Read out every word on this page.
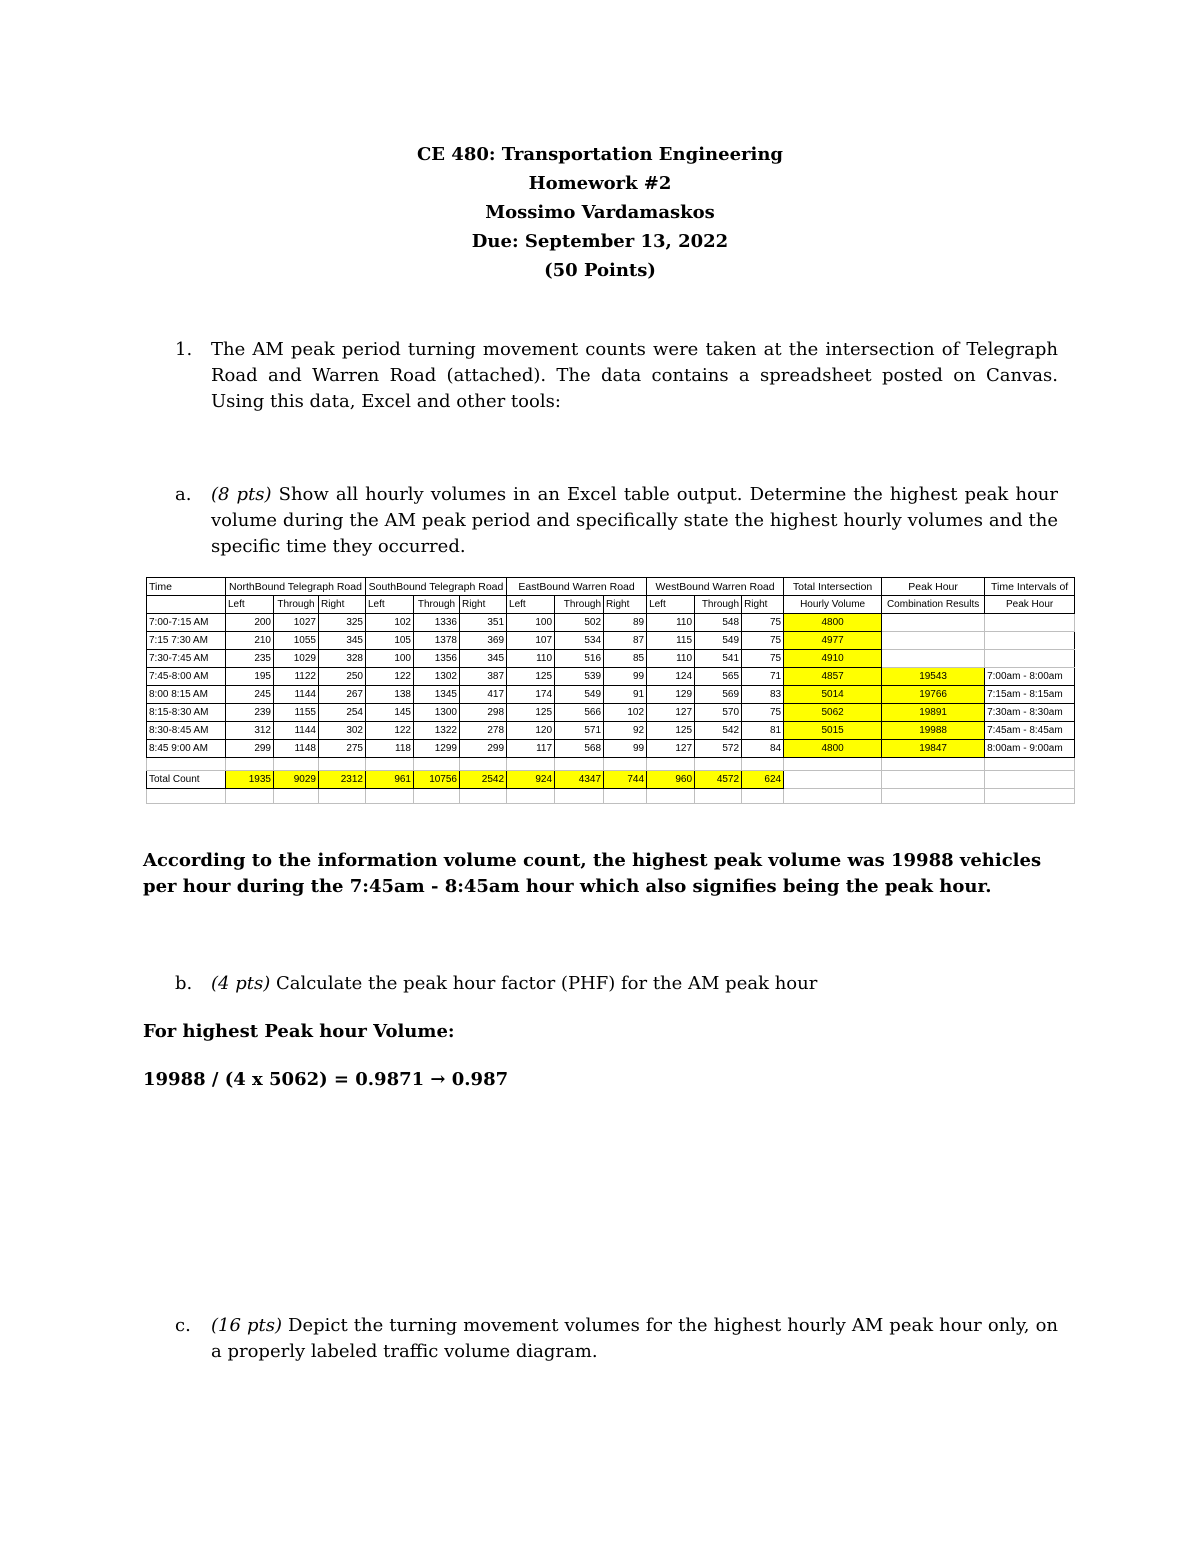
CE 480: Transportation Engineering
Homework #2
Mossimo Vardamaskos
Due: September 13, 2022
(50 Points)
1. The AM peak period turning movement counts were taken at the intersection of Telegraph Road and Warren Road (attached). The data contains a spreadsheet posted on Canvas. Using this data, Excel and other tools:
a. (8 pts) Show all hourly volumes in an Excel table output. Determine the highest peak hour volume during the AM peak period and specifically state the highest hourly volumes and the specific time they occurred.
Time	NorthBound Telegraph Road			SouthBound Telegraph Road			EastBound Warren Road			WestBound Warren Road			Total Intersection	Peak Hour	Time Intervals of
	Left	Through	Right	Left	Through	Right	Left	Through	Right	Left	Through	Right	Hourly Volume	Combination Results	Peak Hour
7:00-7:15 AM	200	1027	325	102	1336	351	100	502	89	110	548	75	4800		
7:15 7:30 AM	210	1055	345	105	1378	369	107	534	87	115	549	75	4977		
7:30-7:45 AM	235	1029	328	100	1356	345	110	516	85	110	541	75	4910		
7:45-8:00 AM	195	1122	250	122	1302	387	125	539	99	124	565	71	4857	19543	7:00am - 8:00am
8:00 8:15 AM	245	1144	267	138	1345	417	174	549	91	129	569	83	5014	19766	7:15am - 8:15am
8:15-8:30 AM	239	1155	254	145	1300	298	125	566	102	127	570	75	5062	19891	7:30am - 8:30am
8:30-8:45 AM	312	1144	302	122	1322	278	120	571	92	125	542	81	5015	19988	7:45am - 8:45am
8:45 9:00 AM	299	1148	275	118	1299	299	117	568	99	127	572	84	4800	19847	8:00am - 9:00am

Total Count	1935	9029	2312	961	10756	2542	924	4347	744	960	4572	624			

According to the information volume count, the highest peak volume was 19988 vehicles per hour during the 7:45am - 8:45am hour which also signifies being the peak hour.
b. (4 pts) Calculate the peak hour factor (PHF) for the AM peak hour
For highest Peak hour Volume:
19988 / (4 x 5062) = 0.9871 → 0.987
c. (16 pts) Depict the turning movement volumes for the highest hourly AM peak hour only, on a properly labeled traffic volume diagram.
